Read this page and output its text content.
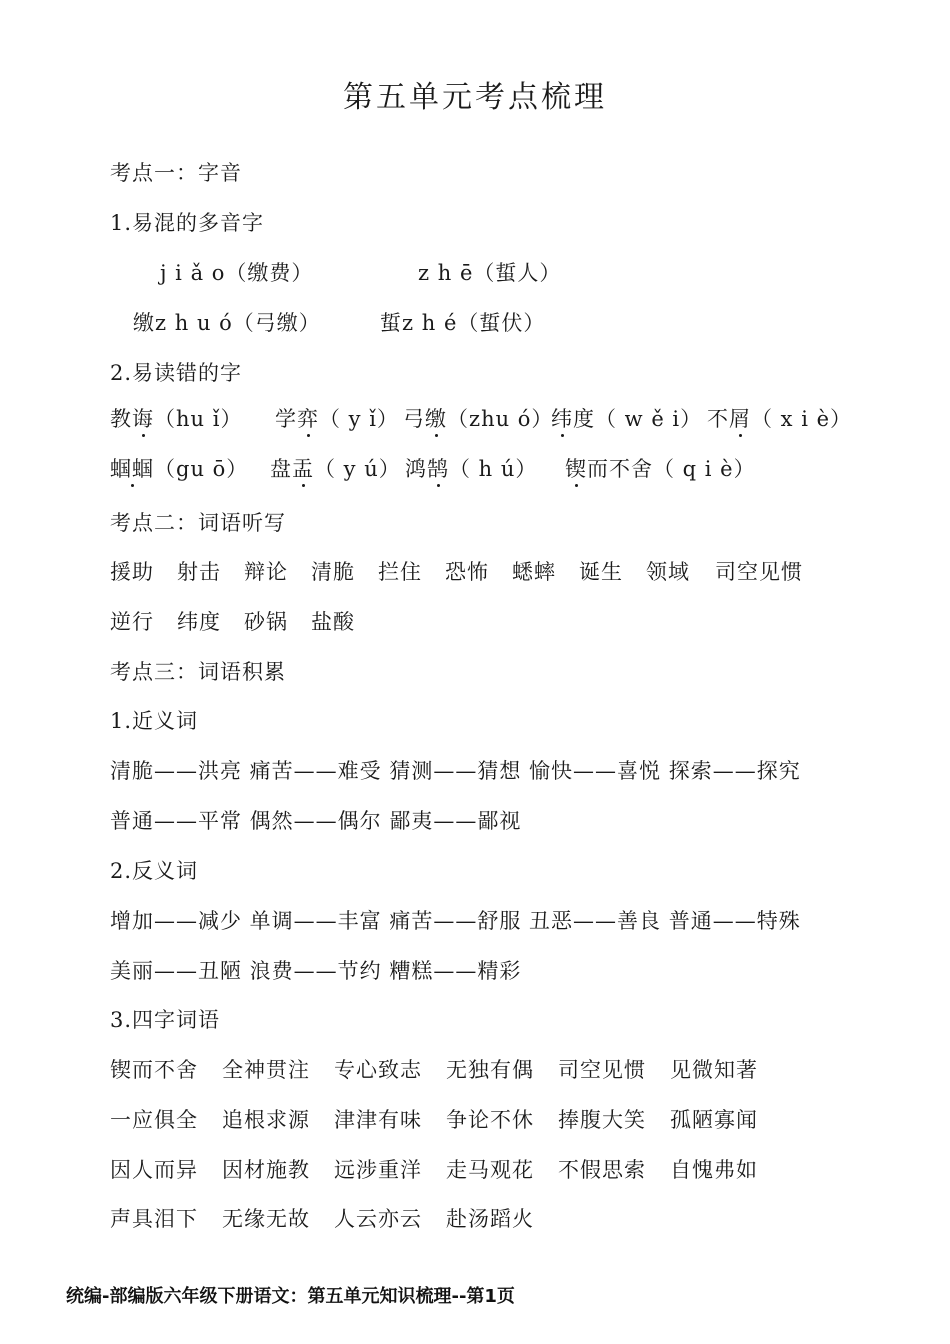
第五单元考点梳理
考点一：字音
1.易混的多音字
j i ǎ o（缴费）	z h ē（蜇人）
缴z h u ó（弓缴）	蜇z h é（蜇伏）
2.易读错的字
教诲（hu ǐ） 学弈（ y ǐ） 弓缴（zhu ó）
纬度（ w ě i） 不屑（ x i è）
蝈蝈（gu ō） 盘盂（ y ú） 鸿鹄（ h ú） 锲而不舍（ q i è）
考点二：词语听写
援助 射击 辩论 清脆 拦住 恐怖 蟋蟀 诞生 领域 司空见惯
逆行 纬度 砂锅 盐酸
考点三：词语积累
1.近义词
清脆——洪亮 痛苦——难受 猜测——猜想 愉快——喜悦 探索——探究
普通——平常 偶然——偶尔 鄙夷——鄙视
2.反义词
增加——减少 单调——丰富 痛苦——舒服 丑恶——善良 普通——特殊
美丽——丑陋 浪费——节约 糟糕——精彩
3.四字词语
锲而不舍 全神贯注 专心致志 无独有偶 司空见惯 见微知著
一应俱全 追根求源 津津有味 争论不休 捧腹大笑 孤陋寡闻
因人而异 因材施教 远涉重洋 走马观花 不假思索 自愧弗如
声具泪下 无缘无故 人云亦云 赴汤蹈火
统编-部编版六年级下册语文：第五单元知识梳理--第1页
